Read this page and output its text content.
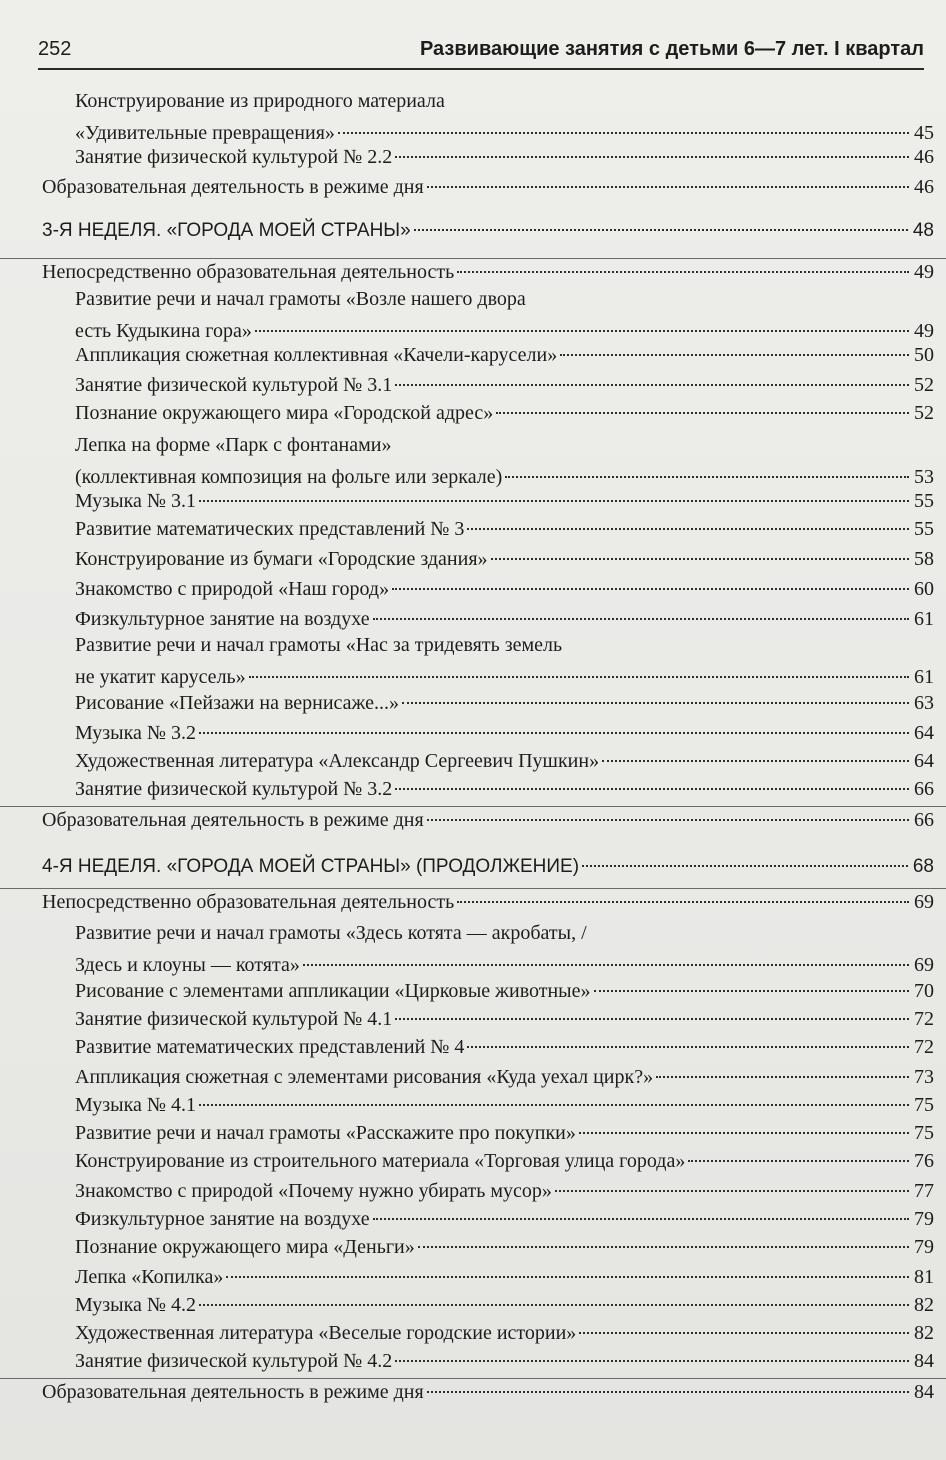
252	Развивающие занятия с детьми 6—7 лет. I квартал
Конструирование из природного материала
«Удивительные превращения»	45
Занятие физической культурой № 2.2	46
Образовательная деятельность в режиме дня	46
3-Я НЕДЕЛЯ. «ГОРОДА МОЕЙ СТРАНЫ»	48
Непосредственно образовательная деятельность	49
Развитие речи и начал грамоты «Возле нашего двора
есть Кудыкина гора»	49
Аппликация сюжетная коллективная «Качели-карусели»	50
Занятие физической культурой № 3.1	52
Познание окружающего мира «Городской адрес»	52
Лепка на форме «Парк с фонтанами»
(коллективная композиция на фольге или зеркале)	53
Музыка № 3.1	55
Развитие математических представлений № 3	55
Конструирование из бумаги «Городские здания»	58
Знакомство с природой «Наш город»	60
Физкультурное занятие на воздухе	61
Развитие речи и начал грамоты «Нас за тридевять земель
не укатит карусель»	61
Рисование «Пейзажи на вернисаже...»	63
Музыка № 3.2	64
Художественная литература «Александр Сергеевич Пушкин»	64
Занятие физической культурой № 3.2	66
Образовательная деятельность в режиме дня	66
4-Я НЕДЕЛЯ. «ГОРОДА МОЕЙ СТРАНЫ» (ПРОДОЛЖЕНИЕ)	68
Непосредственно образовательная деятельность	69
Развитие речи и начал грамоты «Здесь котята — акробаты, /
Здесь и клоуны — котята»	69
Рисование с элементами аппликации «Цирковые животные»	70
Занятие физической культурой № 4.1	72
Развитие математических представлений № 4	72
Аппликация сюжетная с элементами рисования «Куда уехал цирк?»	73
Музыка № 4.1	75
Развитие речи и начал грамоты «Расскажите про покупки»	75
Конструирование из строительного материала «Торговая улица города»	76
Знакомство с природой «Почему нужно убирать мусор»	77
Физкультурное занятие на воздухе	79
Познание окружающего мира «Деньги»	79
Лепка «Копилка»	81
Музыка № 4.2	82
Художественная литература «Веселые городские истории»	82
Занятие физической культурой № 4.2	84
Образовательная деятельность в режиме дня	84
